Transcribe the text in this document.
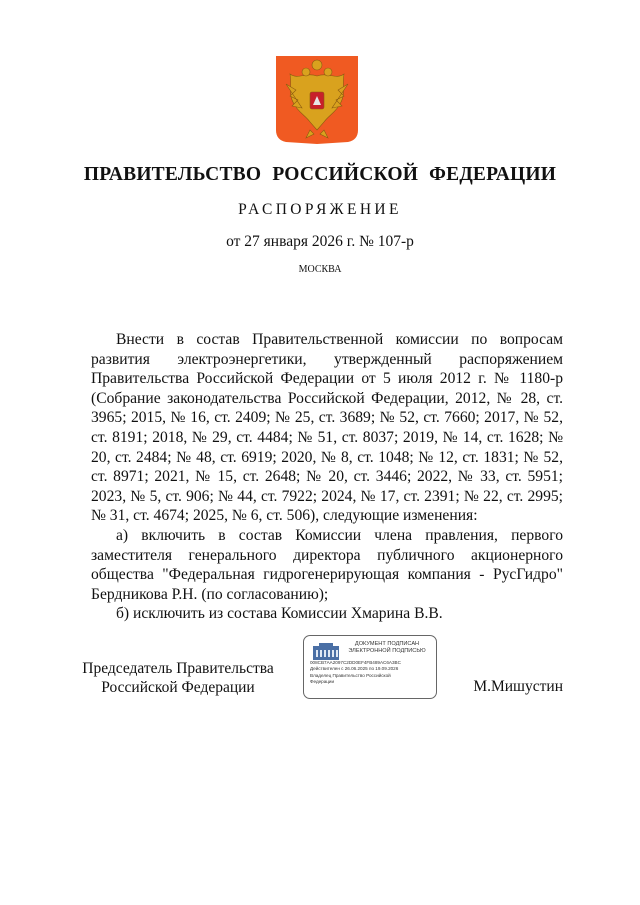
ПРАВИТЕЛЬСТВО РОССИЙСКОЙ ФЕДЕРАЦИИ
РАСПОРЯЖЕНИЕ
от 27 января 2026 г. № 107-р
МОСКВА

Внести в состав Правительственной комиссии по вопросам развития электроэнергетики, утвержденный распоряжением Правительства Российской Федерации от 5 июля 2012 г. № 1180-р (Собрание законодательства Российской Федерации, 2012, № 28, ст. 3965; 2015, № 16, ст. 2409; № 25, ст. 3689; № 52, ст. 7660; 2017, № 52, ст. 8191; 2018, № 29, ст. 4484; № 51, ст. 8037; 2019, № 14, ст. 1628; № 20, ст. 2484; № 48, ст. 6919; 2020, № 8, ст. 1048; № 12, ст. 1831; № 52, ст. 8971; 2021, № 15, ст. 2648; № 20, ст. 3446; 2022, № 33, ст. 5951; 2023, № 5, ст. 906; № 44, ст. 7922; 2024, № 17, ст. 2391; № 22, ст. 2995; № 31, ст. 4674; 2025, № 6, ст. 506), следующие изменения:

а) включить в состав Комиссии члена правления, первого заместителя генерального директора публичного акционерного общества "Федеральная гидрогенерирующая компания - РусГидро" Бердникова Р.Н. (по согласованию);

б) исключить из состава Комиссии Хмарина В.В.

Председатель Правительства
Российской Федерации
ДОКУМЕНТ ПОДПИСАН
ЭЛЕКТРОННОЙ ПОДПИСЬЮ
008CB7AA2097C2DD0EF4FB489AC6A3BC
Действителен с 26.06.2025 по 19.09.2026
Владелец Правительство Российской
Федерации	М.Мишустин
